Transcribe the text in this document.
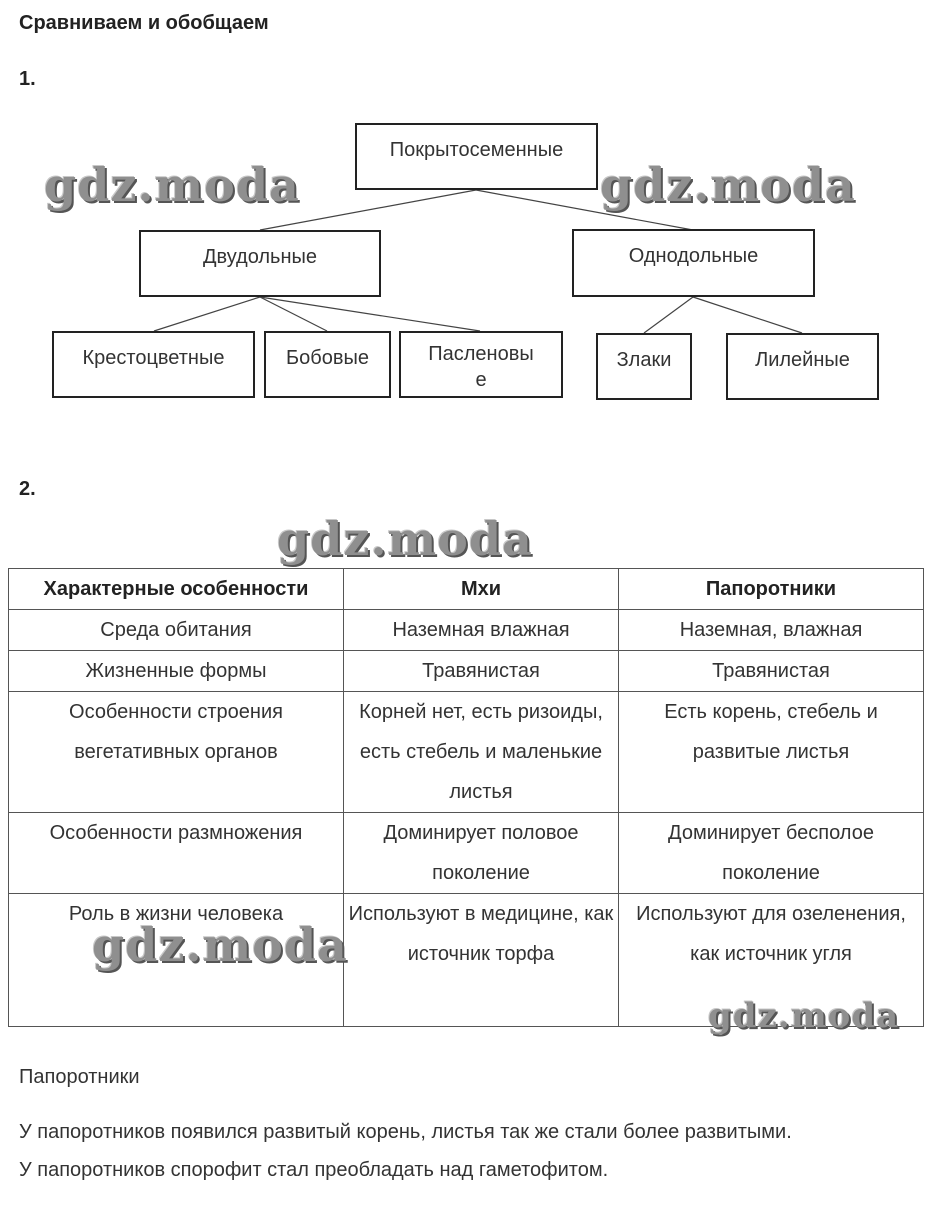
Сравниваем и обобщаем
1.
Покрытосеменные
Двудольные	Однодольные
Крестоцветные	Бобовые	Пасленовы
е
Злаки	Лилейные
gdz.moda	gdz.moda
2.
gdz.moda
Характерные особенности	Мхи	Папоротники
Среда обитания	Наземная влажная	Наземная, влажная
Жизненные формы	Травянистая	Травянистая
Особенности строения вегетативных органов	Корней нет, есть ризоиды, есть стебель и маленькие листья	Есть корень, стебель и развитые листья
Особенности размножения	Доминирует половое поколение	Доминирует бесполое поколение
Роль в жизни человека	Используют в медицине, как источник торфа	Используют для озеленения, как источник угля
gdz.moda
gdz.moda
Папоротники
У папоротников появился развитый корень, листья так же стали более развитыми.
У папоротников спорофит стал преобладать над гаметофитом.
